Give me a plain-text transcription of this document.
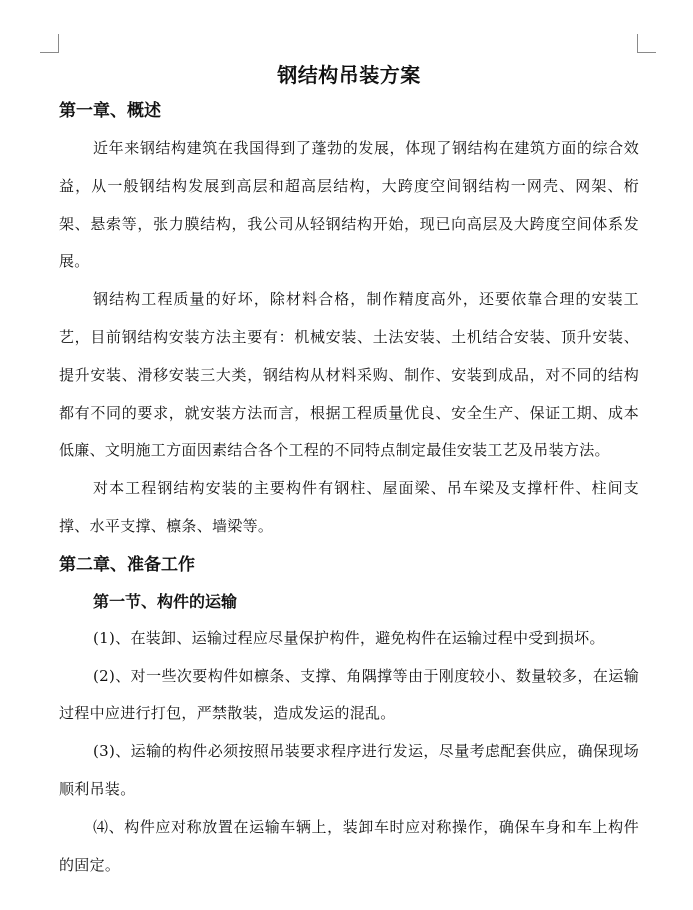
钢结构吊装方案
第一章、概述

近年来钢结构建筑在我国得到了蓬勃的发展，体现了钢结构在建筑方面的综合效益，从一般钢结构发展到高层和超高层结构，大跨度空间钢结构一网壳、网架、桁架、悬索等，张力膜结构，我公司从轻钢结构开始，现已向高层及大跨度空间体系发展。

钢结构工程质量的好坏，除材料合格，制作精度高外，还要依靠合理的安装工艺，目前钢结构安装方法主要有：机械安装、土法安装、土机结合安装、顶升安装、提升安装、滑移安装三大类，钢结构从材料采购、制作、安装到成品，对不同的结构都有不同的要求，就安装方法而言，根据工程质量优良、安全生产、保证工期、成本低廉、文明施工方面因素结合各个工程的不同特点制定最佳安装工艺及吊装方法。

对本工程钢结构安装的主要构件有钢柱、屋面梁、吊车梁及支撑杆件、柱间支撑、水平支撑、檩条、墙梁等。

第二章、准备工作
第一节、构件的运输

(1)、在装卸、运输过程应尽量保护构件，避免构件在运输过程中受到损坏。

(2)、对一些次要构件如檩条、支撑、角隅撑等由于刚度较小、数量较多，在运输过程中应进行打包，严禁散装，造成发运的混乱。

(3)、运输的构件必须按照吊装要求程序进行发运，尽量考虑配套供应，确保现场顺利吊装。

⑷、构件应对称放置在运输车辆上，装卸车时应对称操作，确保车身和车上构件的固定。
